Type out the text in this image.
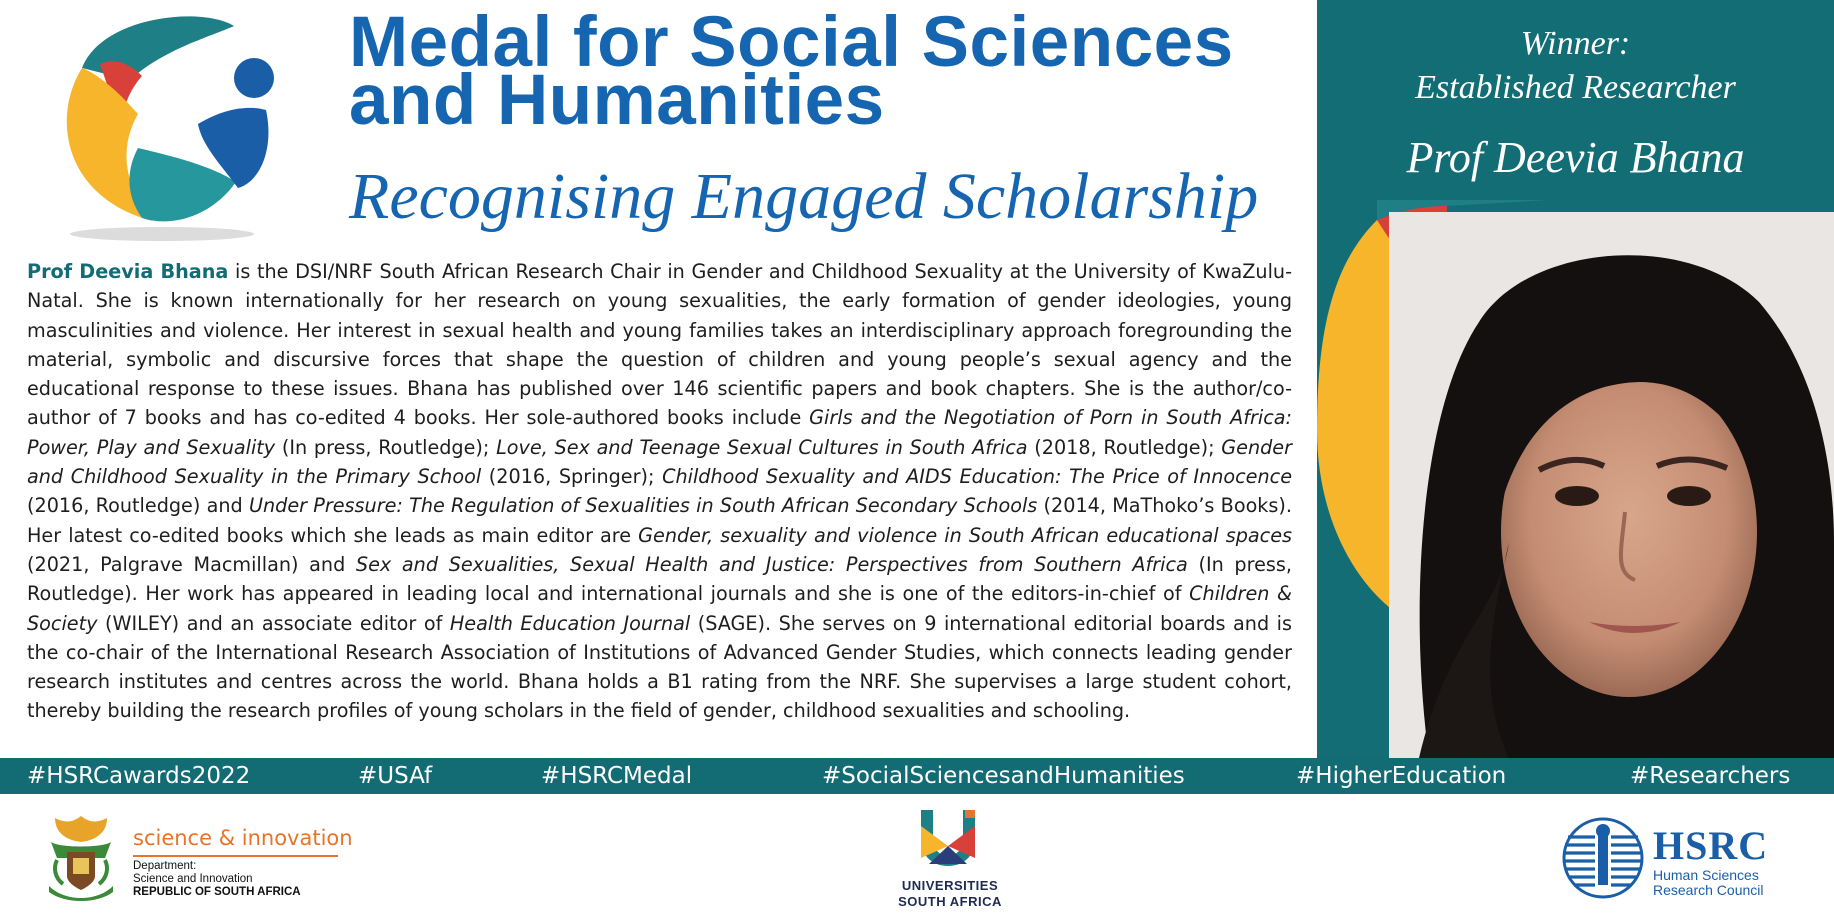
Medal for Social Sciences
and Humanities
Recognising Engaged Scholarship
Prof Deevia Bhana is the DSI/NRF South African Research Chair in Gender and Childhood Sexuality at the University of KwaZulu-Natal. She is known internationally for her research on young sexualities, the early formation of gender ideologies, young masculinities and violence. Her interest in sexual health and young families takes an interdisciplinary approach foregrounding the material, symbolic and discursive forces that shape the question of children and young people’s sexual agency and the educational response to these issues. Bhana has published over 146 scientific papers and book chapters. She is the author/co-author of 7 books and has co-edited 4 books. Her sole-authored books include Girls and the Negotiation of Porn in South Africa: Power, Play and Sexuality (In press, Routledge); Love, Sex and Teenage Sexual Cultures in South Africa (2018, Routledge); Gender and Childhood Sexuality in the Primary School (2016, Springer); Childhood Sexuality and AIDS Education: The Price of Innocence (2016, Routledge) and Under Pressure: The Regulation of Sexualities in South African Secondary Schools (2014, MaThoko’s Books). Her latest co-edited books which she leads as main editor are Gender, sexuality and violence in South African educational spaces (2021, Palgrave Macmillan) and Sex and Sexualities, Sexual Health and Justice: Perspectives from Southern Africa (In press, Routledge). Her work has appeared in leading local and international journals and she is one of the editors-in-chief of Children & Society (WILEY) and an associate editor of Health Education Journal (SAGE). She serves on 9 international editorial boards and is the co-chair of the International Research Association of Institutions of Advanced Gender Studies, which connects leading gender research institutes and centres across the world. Bhana holds a B1 rating from the NRF. She supervises a large student cohort, thereby building the research profiles of young scholars in the field of gender, childhood sexualities and schooling.
Winner:
Established Researcher
Prof Deevia Bhana
#HSRCawards2022	#USAf	#HSRCMedal	#SocialSciencesandHumanities	#HigherEducation	#Researchers
science & innovation
Department:
Science and Innovation
REPUBLIC OF SOUTH AFRICA	UNIVERSITIES
SOUTH AFRICA
HSRC
Human Sciences
Research Council
